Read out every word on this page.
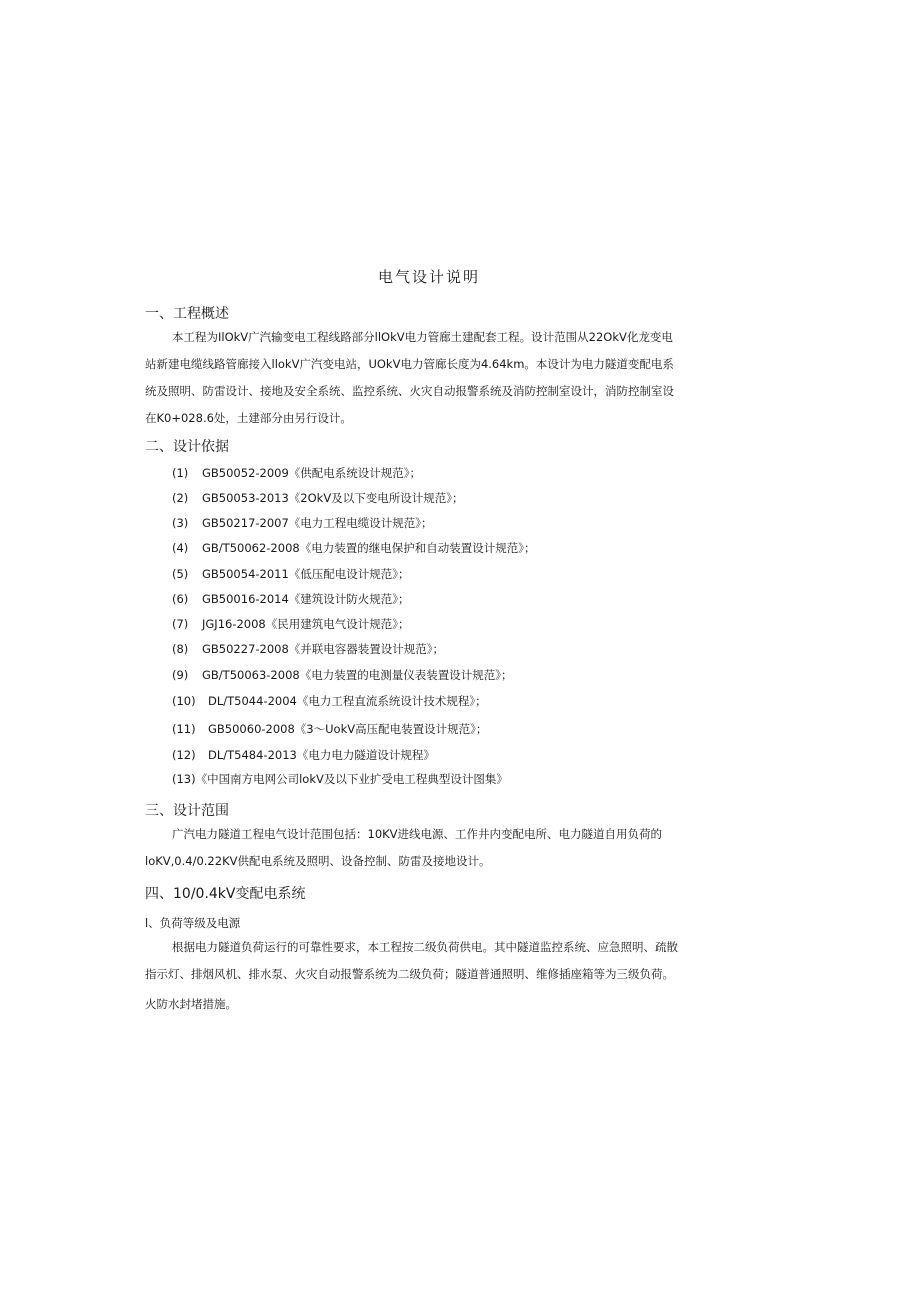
电气设计说明
一、工程概述
本工程为IlOkV广汽输变电工程线路部分llOkV电力管廊土建配套工程。设计范围从22OkV化龙变电
站新建电缆线路管廊接入llokV广汽变电站，UOkV电力管廊长度为4.64km。本设计为电力隧道变配电系
统及照明、防雷设计、接地及安全系统、监控系统、火灾自动报警系统及消防控制室设计，消防控制室设
在K0+028.6处，土建部分由另行设计。
二、设计依据
(1) GB50052-2009《供配电系统设计规范》；
(2) GB50053-2013《2OkV及以下变电所设计规范》；
(3) GB50217-2007《电力工程电缆设计规范》；
(4) GB/T50062-2008《电力装置的继电保护和自动装置设计规范》；
(5) GB50054-2011《低压配电设计规范》；
(6) GB50016-2014《建筑设计防火规范》；
(7) JGJ16-2008《民用建筑电气设计规范》；
(8) GB50227-2008《并联电容器装置设计规范》；
(9) GB/T50063-2008《电力装置的电测量仪表装置设计规范》；
(10) DL/T5044-2004《电力工程直流系统设计技术规程》；
(11) GB50060-2008《3～UokV高压配电装置设计规范》；
(12) DL/T5484-2013《电力电力隧道设计规程》
(13)《中国南方电网公司lokV及以下业扩受电工程典型设计图集》
三、设计范围
广汽电力隧道工程电气设计范围包括：10KV进线电源、工作井内变配电所、电力隧道自用负荷的
loKV,0.4/0.22KV供配电系统及照明、设备控制、防雷及接地设计。
四、10/0.4kV变配电系统
l、负荷等级及电源
根据电力隧道负荷运行的可靠性要求，本工程按二级负荷供电。其中隧道监控系统、应急照明、疏散
指示灯、排烟风机、排水泵、火灾自动报警系统为二级负荷；隧道普通照明、维修插座箱等为三级负荷。
火防水封堵措施。
